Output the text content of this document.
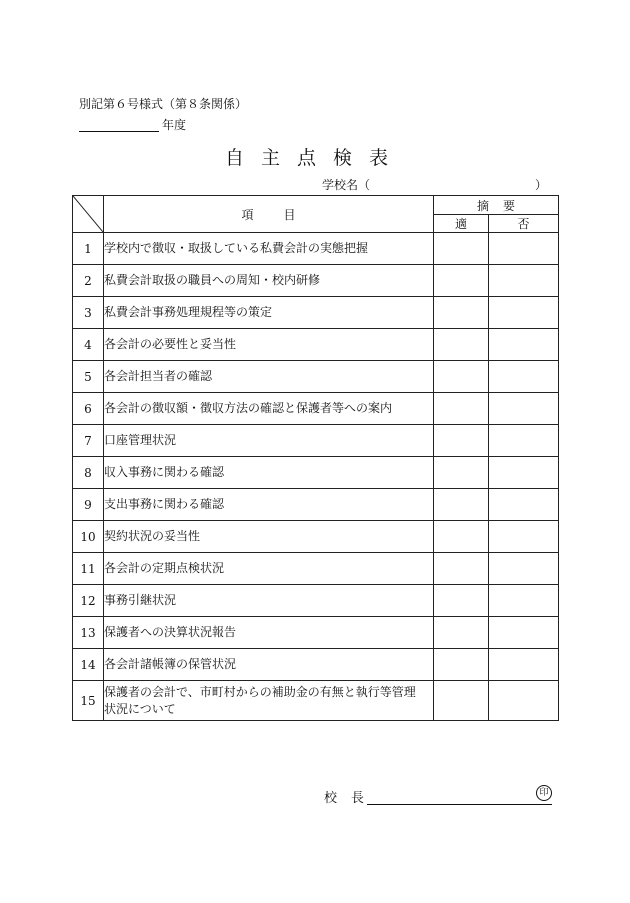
別記第６号様式（第８条関係）
年度
自主点検表
学校名（	）
	項目	摘要	
		適	否
1	学校内で徴収・取扱している私費会計の実態把握		
2	私費会計取扱の職員への周知・校内研修		
3	私費会計事務処理規程等の策定		
4	各会計の必要性と妥当性		
5	各会計担当者の確認		
6	各会計の徴収額・徴収方法の確認と保護者等への案内		
7	口座管理状況		
8	収入事務に関わる確認		
9	支出事務に関わる確認		
10	契約状況の妥当性		
11	各会計の定期点検状況		
12	事務引継状況		
13	保護者への決算状況報告		
14	各会計諸帳簿の保管状況		
15	保護者の会計で、市町村からの補助金の有無と執行等管理
状況について		

校長	印
